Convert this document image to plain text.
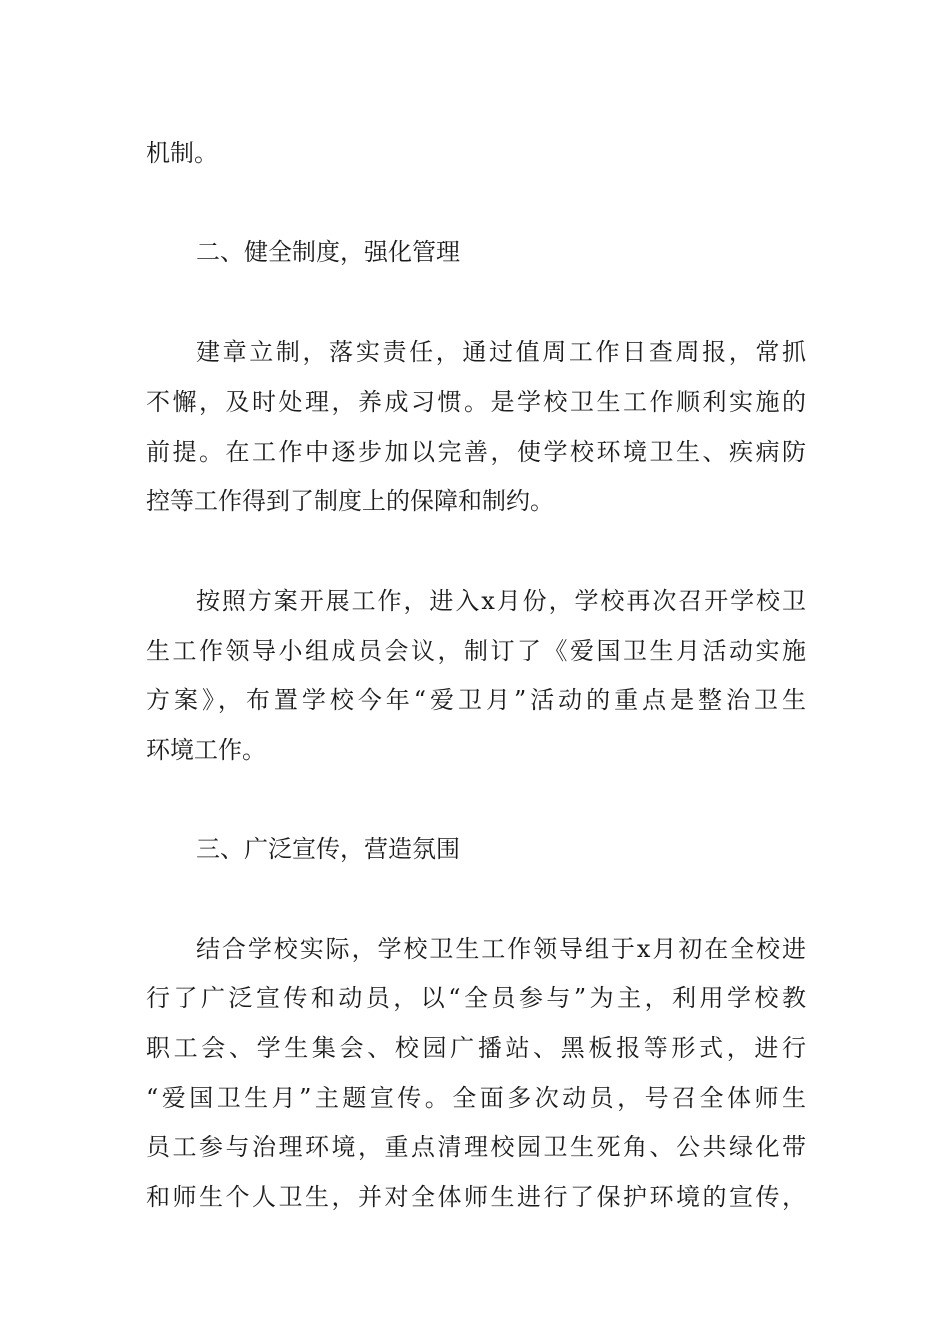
机制。
二、健全制度，强化管理
建章立制，落实责任，通过值周工作日查周报，常抓
不懈，及时处理，养成习惯。是学校卫生工作顺利实施的
前提。在工作中逐步加以完善，使学校环境卫生、疾病防
控等工作得到了制度上的保障和制约。
按照方案开展工作，进入x月份，学校再次召开学校卫
生工作领导小组成员会议，制订了《爱国卫生月活动实施
方案》，布置学校今年“爱卫月”活动的重点是整治卫生
环境工作。
三、广泛宣传，营造氛围
结合学校实际，学校卫生工作领导组于x月初在全校进
行了广泛宣传和动员，以“全员参与”为主，利用学校教
职工会、学生集会、校园广播站、黑板报等形式，进行
“爱国卫生月”主题宣传。全面多次动员，号召全体师生
员工参与治理环境，重点清理校园卫生死角、公共绿化带
和师生个人卫生，并对全体师生进行了保护环境的宣传，
